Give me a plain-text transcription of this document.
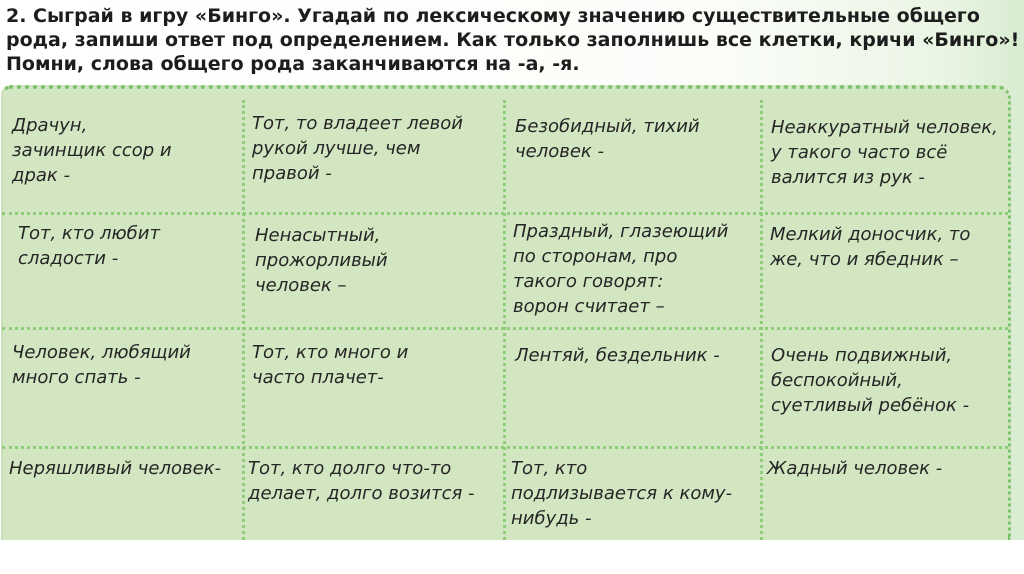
2. Сыграй в игру «Бинго». Угадай по лексическому значению существительные общего
рода, запиши ответ под определением. Как только заполнишь все клетки, кричи «Бинго»!
Помни, слова общего рода заканчиваются на -а, -я.

Драчун,
зачинщик ссор и
драк -

Тот, то владеет левой
рукой лучше, чем
правой -

Безобидный, тихий
человек -

Неаккуратный человек,
у такого часто всё
валится из рук -

Тот, кто любит
сладости -

Ненасытный,
прожорливый
человек –

Праздный, глазеющий
по сторонам, про
такого говорят:
ворон считает –

Мелкий доносчик, то
же, что и ябедник –

Человек, любящий
много спать -

Тот, кто много и
часто плачет-

Лентяй, бездельник -	Очень подвижный,
беспокойный,
суетливый ребёнок -

Неряшливый человек- Тот, кто долго что-то
делает, долго возится -

Тот, кто
подлизывается к кому-
нибудь -

Жадный человек -
